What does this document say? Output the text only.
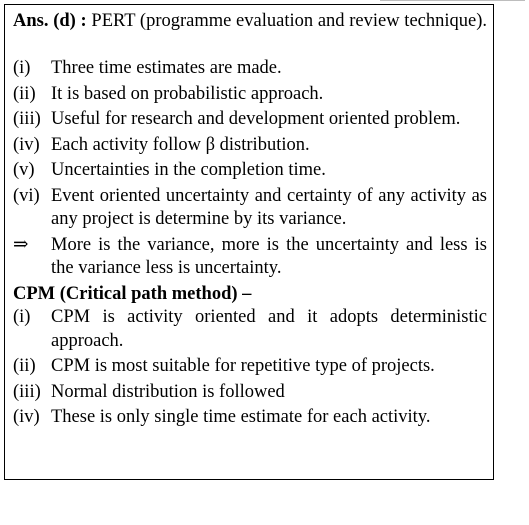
Ans. (d) : PERT (programme evaluation and review technique).
(i)	Three time estimates are made.
(ii) It is based on probabilistic approach.
(iii) Useful for research and development oriented problem.
(iv) Each activity follow β distribution.
(v) Uncertainties in the completion time.
(vi) Event oriented uncertainty and certainty of any activity as any project is determine by its variance.
⇒	More is the variance, more is the uncertainty and less is the variance less is uncertainty.
CPM (Critical path method) –
(i)	CPM is activity oriented and it adopts deterministic approach.
(ii) CPM is most suitable for repetitive type of projects.
(iii) Normal distribution is followed
(iv) These is only single time estimate for each activity.
